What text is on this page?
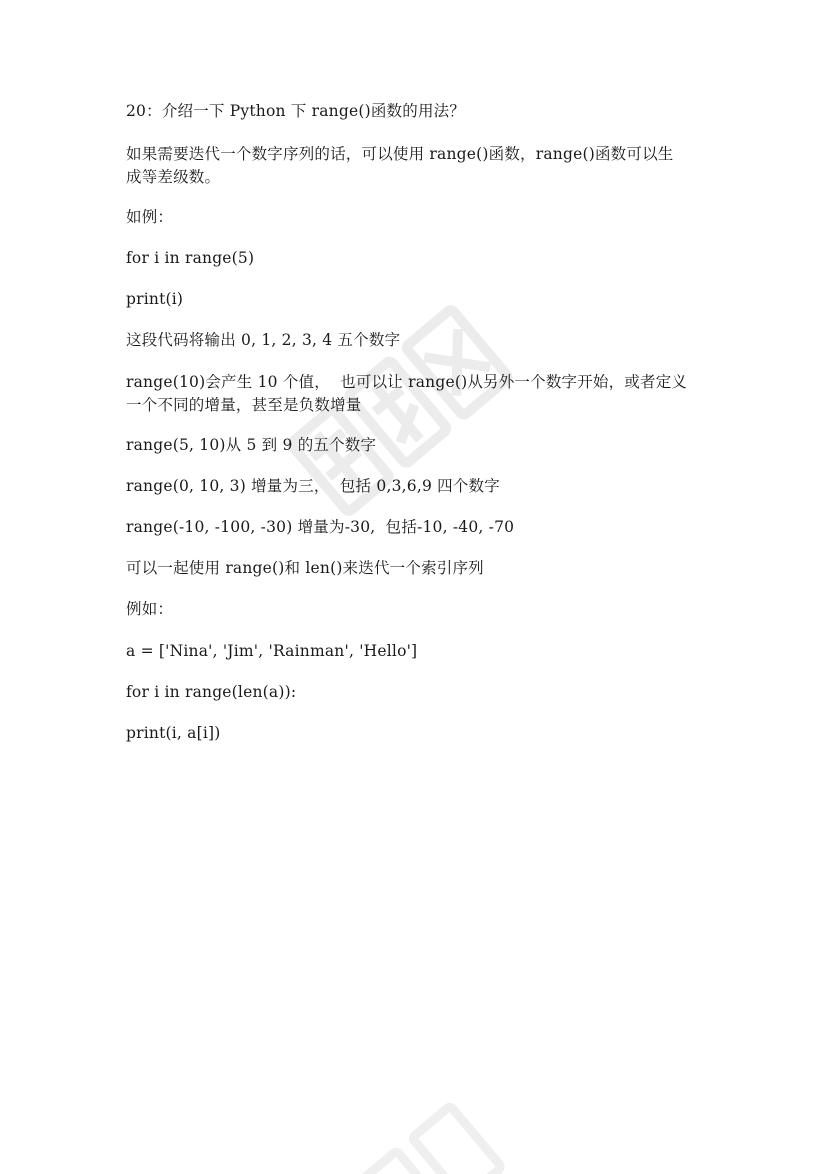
20：介绍一下 Python 下 range()函数的用法？
如果需要迭代一个数字序列的话，可以使用 range()函数，range()函数可以生
成等差级数。
如例：
for i in range(5)
print(i)
这段代码将输出 0, 1, 2, 3, 4 五个数字
range(10)会产生 10 个值，  也可以让 range()从另外一个数字开始，或者定义
一个不同的增量，甚至是负数增量
range(5, 10)从 5 到 9 的五个数字
range(0, 10, 3) 增量为三，  包括 0,3,6,9 四个数字
range(-10, -100, -30) 增量为-30,  包括-10, -40, -70
可以一起使用 range()和 len()来迭代一个索引序列
例如：
a = ['Nina', 'Jim', 'Rainman', 'Hello']
for i in range(len(a)):
print(i, a[i])
